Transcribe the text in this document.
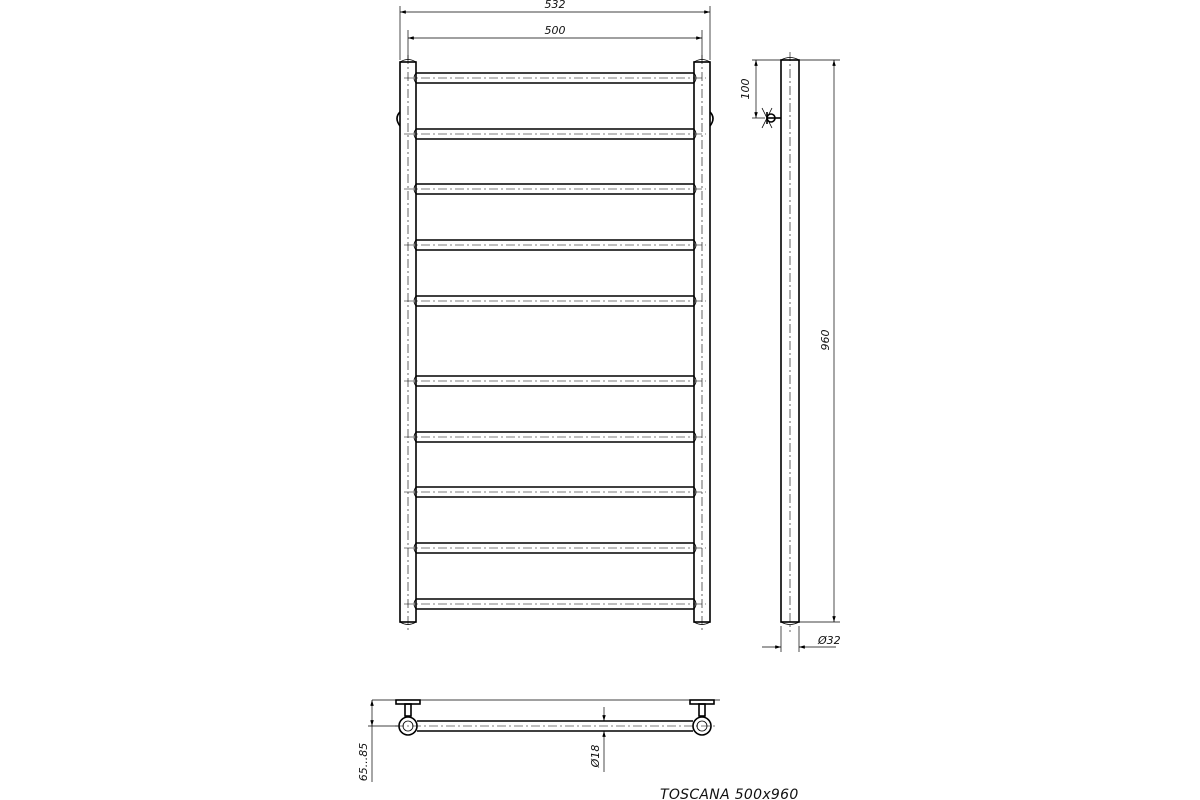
532
500
100
960
Ø32
65...85	Ø18
TOSCANA 500x960
